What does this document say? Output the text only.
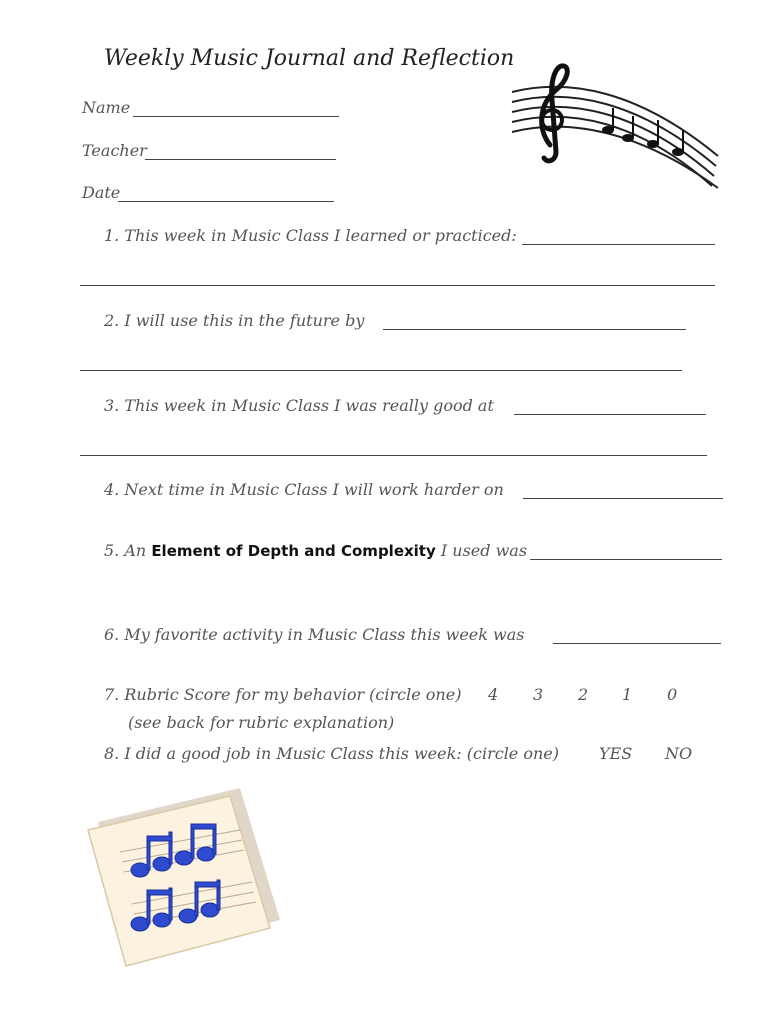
Weekly Music Journal and Reflection
Name
Teacher
Date
1. This week in Music Class I learned or practiced:
2. I will use this in the future by
3. This week in Music Class I was really good at
4. Next time in Music Class I will work harder on
5. An Element of Depth and Complexity I used was
6. My favorite activity in Music Class this week was
7. Rubric Score for my behavior (circle one) 4 3 2 1 0
(see back for rubric explanation)
8. I did a good job in Music Class this week: (circle one) YES NO
